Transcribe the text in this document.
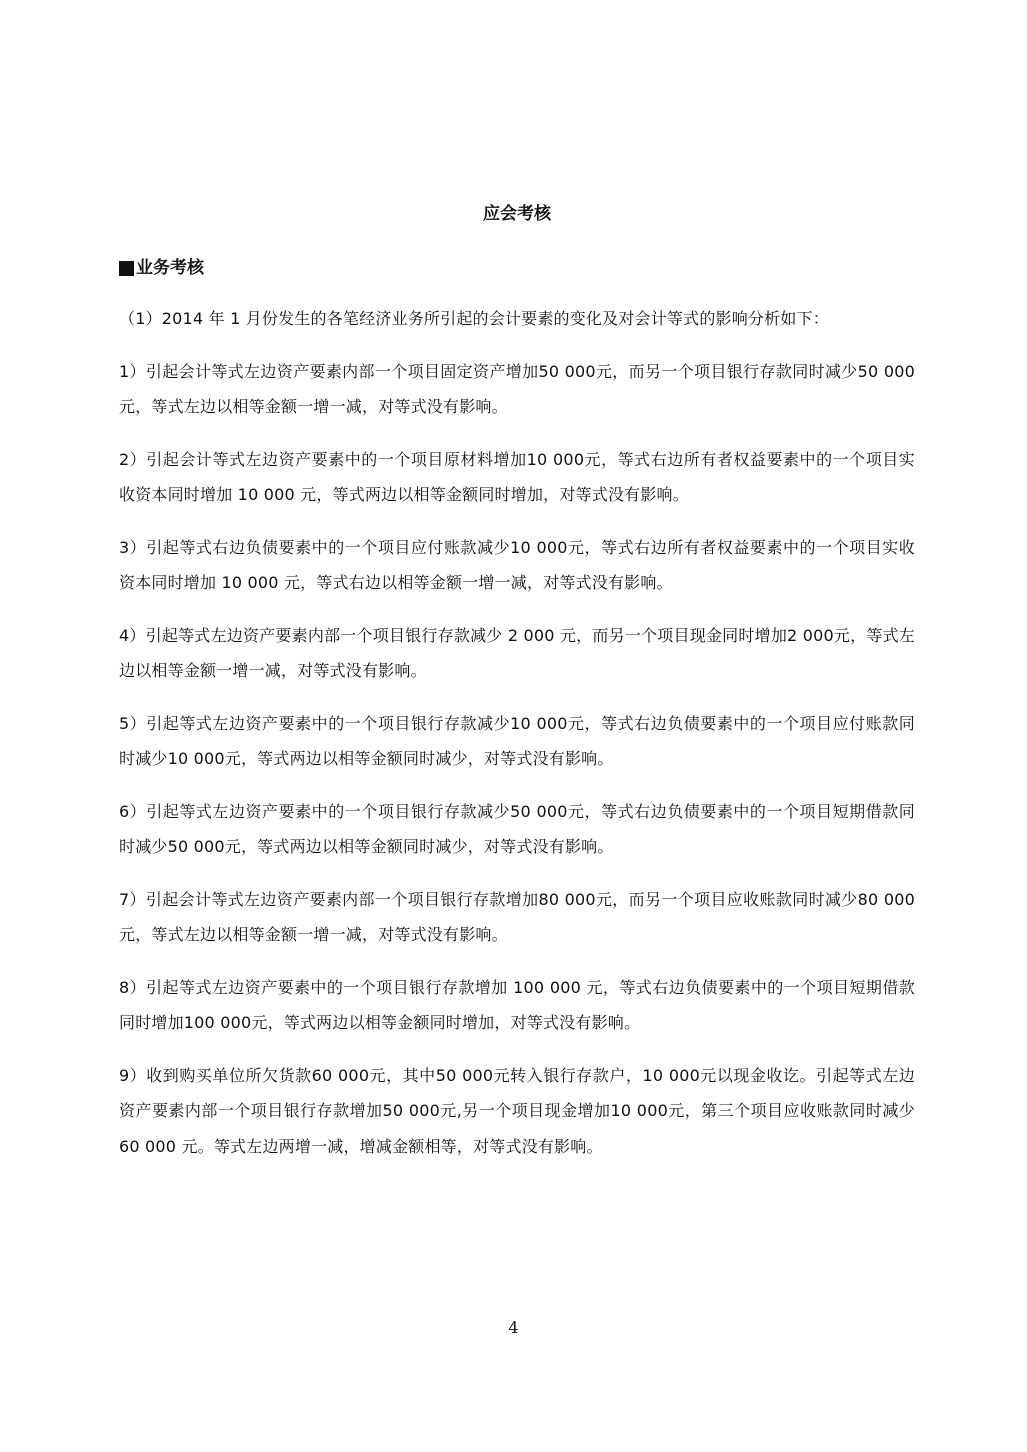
应会考核
业务考核

（1）2014 年 1 月份发生的各笔经济业务所引起的会计要素的变化及对会计等式的影响分析如下：

1）引起会计等式左边资产要素内部一个项目固定资产增加50 000元，而另一个项目银行存款同时减少50 000元，等式左边以相等金额一增一减，对等式没有影响。

2）引起会计等式左边资产要素中的一个项目原材料增加10 000元，等式右边所有者权益要素中的一个项目实收资本同时增加 10 000 元，等式两边以相等金额同时增加，对等式没有影响。

3）引起等式右边负债要素中的一个项目应付账款减少10 000元，等式右边所有者权益要素中的一个项目实收资本同时增加 10 000 元，等式右边以相等金额一增一减，对等式没有影响。

4）引起等式左边资产要素内部一个项目银行存款减少 2 000 元，而另一个项目现金同时增加2 000元，等式左边以相等金额一增一减，对等式没有影响。

5）引起等式左边资产要素中的一个项目银行存款减少10 000元，等式右边负债要素中的一个项目应付账款同时减少10 000元，等式两边以相等金额同时减少，对等式没有影响。

6）引起等式左边资产要素中的一个项目银行存款减少50 000元，等式右边负债要素中的一个项目短期借款同时减少50 000元，等式两边以相等金额同时减少，对等式没有影响。

7）引起会计等式左边资产要素内部一个项目银行存款增加80 000元，而另一个项目应收账款同时减少80 000元，等式左边以相等金额一增一减，对等式没有影响。

8）引起等式左边资产要素中的一个项目银行存款增加 100 000 元，等式右边负债要素中的一个项目短期借款同时增加100 000元，等式两边以相等金额同时增加，对等式没有影响。

9）收到购买单位所欠货款60 000元，其中50 000元转入银行存款户，10 000元以现金收讫。引起等式左边资产要素内部一个项目银行存款增加50 000元,另一个项目现金增加10 000元，第三个项目应收账款同时减少 60 000 元。等式左边两增一减，增减金额相等，对等式没有影响。

4
